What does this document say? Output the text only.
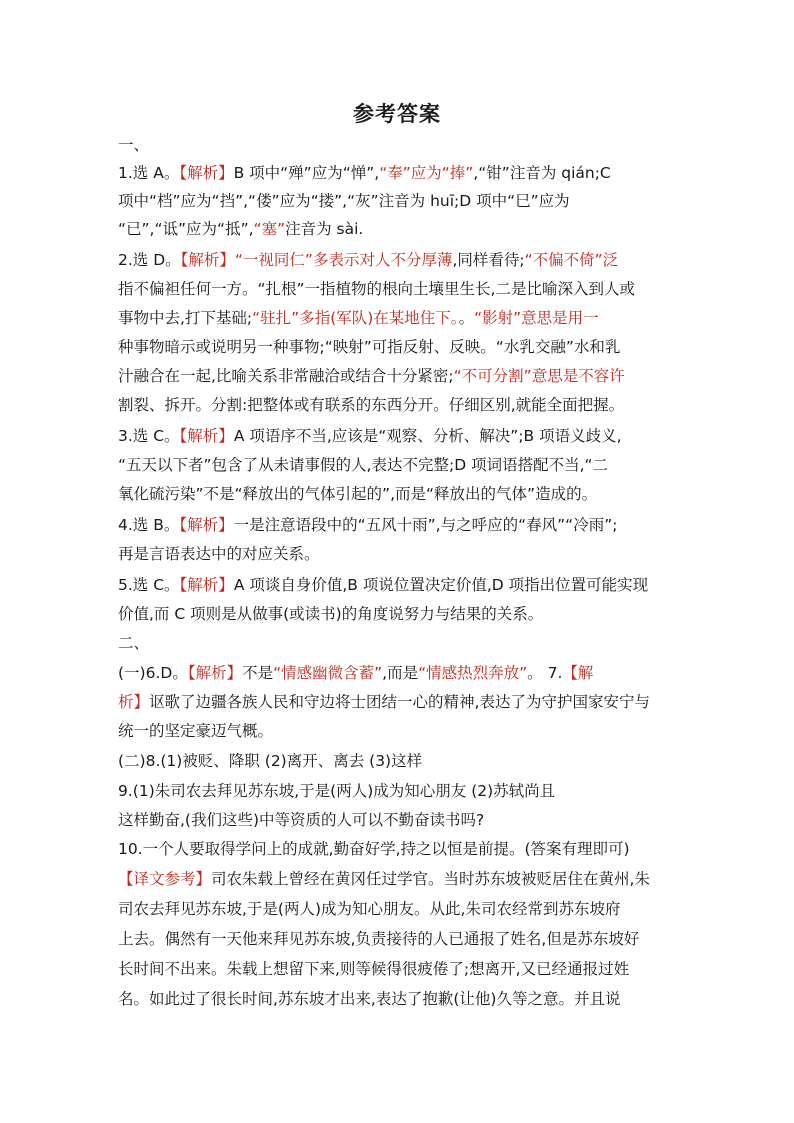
参考答案
一、
1.选 A。【解析】B 项中“殚”应为“惮”,“奉”应为“捧”,“钳”注音为 qián;C
项中“档”应为“挡”,“偻”应为“搂”,“灰”注音为 huī;D 项中“巳”应为
“已”,“诋”应为“抵”,“塞”注音为 sài.
2.选 D。【解析】“一视同仁”多表示对人不分厚薄,同样看待;“不偏不倚”泛
指不偏袒任何一方。“扎根”一指植物的根向土壤里生长,二是比喻深入到人或
事物中去,打下基础;“驻扎”多指(军队)在某地住下。。“影射”意思是用一
种事物暗示或说明另一种事物;“映射”可指反射、反映。“水乳交融”水和乳
汁融合在一起,比喻关系非常融洽或结合十分紧密;“不可分割”意思是不容许
割裂、拆开。分割:把整体或有联系的东西分开。仔细区别,就能全面把握。
3.选 C。【解析】A 项语序不当,应该是“观察、分析、解决”;B 项语义歧义,
“五天以下者”包含了从未请事假的人,表达不完整;D 项词语搭配不当,“二
氧化硫污染”不是“释放出的气体引起的”,而是“释放出的气体”造成的。
4.选 B。【解析】一是注意语段中的“五风十雨”,与之呼应的“春风”“冷雨”;
再是言语表达中的对应关系。
5.选 C。【解析】A 项谈自身价值,B 项说位置决定价值,D 项指出位置可能实现
价值,而 C 项则是从做事(或读书)的角度说努力与结果的关系。
二、
(一)6.D。【解析】不是“情感幽微含蓄”,而是“情感热烈奔放”。 7.【解
析】讴歌了边疆各族人民和守边将士团结一心的精神,表达了为守护国家安宁与
统一的坚定豪迈气概。
(二)8.(1)被贬、降职 (2)离开、离去 (3)这样
9.(1)朱司农去拜见苏东坡,于是(两人)成为知心朋友 (2)苏轼尚且
这样勤奋,(我们这些)中等资质的人可以不勤奋读书吗?
10.一个人要取得学问上的成就,勤奋好学,持之以恒是前提。(答案有理即可)
【译文参考】司农朱载上曾经在黄冈任过学官。当时苏东坡被贬居住在黄州,朱
司农去拜见苏东坡,于是(两人)成为知心朋友。从此,朱司农经常到苏东坡府
上去。偶然有一天他来拜见苏东坡,负责接待的人已通报了姓名,但是苏东坡好
长时间不出来。朱载上想留下来,则等候得很疲倦了;想离开,又已经通报过姓
名。如此过了很长时间,苏东坡才出来,表达了抱歉(让他)久等之意。并且说
